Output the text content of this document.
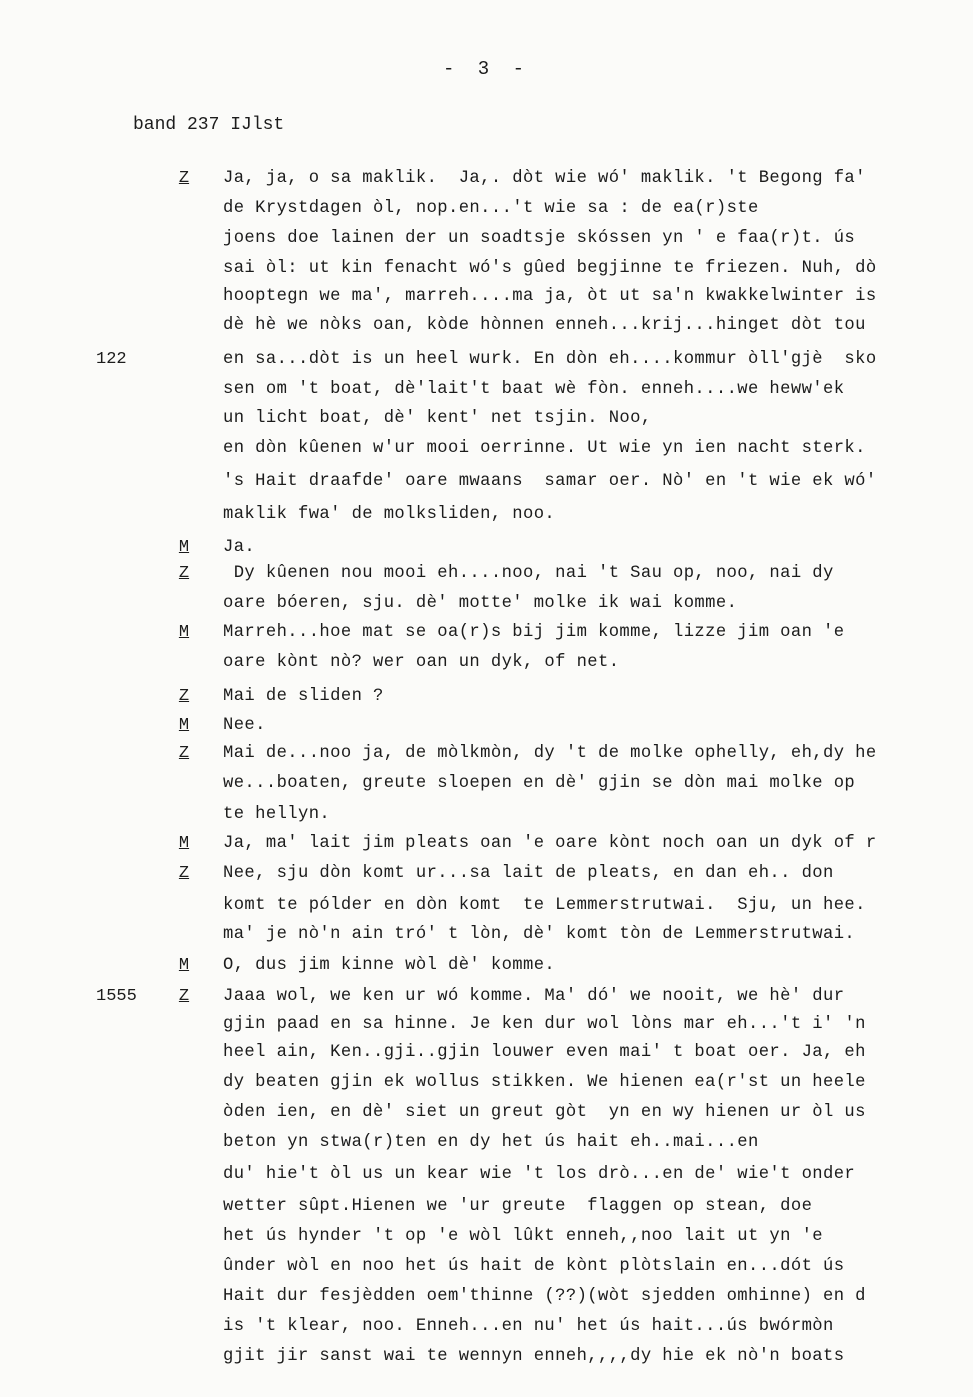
- 3 -
band 237 IJlst
Z	Ja, ja, o sa maklik.  Ja,. dòt wie wó' maklik. 't Begong fa'
de Krystdagen òl, nop.en...'t wie sa : de ea(r)ste
joens doe lainen der un soadtsje skóssen yn ' e faa(r)t. ús
sai òl: ut kin fenacht wó's gûed begjinne te friezen. Nuh, dò
hooptegn we ma', marreh....ma ja, òt ut sa'n kwakkelwinter is
dè hè we nòks oan, kòde hònnen enneh...krij...hinget dòt tou
122	en sa...dòt is un heel wurk. En dòn eh....kommur òll'gjè  sko
sen om 't boat, dè'lait't baat wè fòn. enneh....we heww'ek
un licht boat, dè' kent' net tsjin. Noo,
en dòn kûenen w'ur mooi oerrinne. Ut wie yn ien nacht sterk.
's Hait draafde' oare mwaans  samar oer. Nò' en 't wie ek wó'
maklik fwa' de molksliden, noo.
M	Ja.
Z	Dy kûenen nou mooi eh....noo, nai 't Sau op, noo, nai dy
oare bóeren, sju. dè' motte' molke ik wai komme.
M	Marreh...hoe mat se oa(r)s bij jim komme, lizze jim oan 'e
oare kònt nò? wer oan un dyk, of net.
Z	Mai de sliden ?
M	Nee.
Z	Mai de...noo ja, de mòlkmòn, dy 't de molke ophelly, eh,dy he
we...boaten, greute sloepen en dè' gjin se dòn mai molke op
te hellyn.
M	Ja, ma' lait jim pleats oan 'e oare kònt noch oan un dyk of r
Z	Nee, sju dòn komt ur...sa lait de pleats, en dan eh.. don
komt te pólder en dòn komt  te Lemmerstrutwai.  Sju, un hee.
ma' je nò'n ain tró' t lòn, dè' komt tòn de Lemmerstrutwai.
M	O, dus jim kinne wòl dè' komme.
1555	Z	Jaaa wol, we ken ur wó komme. Ma' dó' we nooit, we hè' dur
gjin paad en sa hinne. Je ken dur wol lòns mar eh...'t i' 'n
heel ain, Ken..gji..gjin louwer even mai' t boat oer. Ja, eh
dy beaten gjin ek wollus stikken. We hienen ea(r'st un heele
òden ien, en dè' siet un greut gòt  yn en wy hienen ur òl us
beton yn stwa(r)ten en dy het ús hait eh..mai...en
du' hie't òl us un kear wie 't los drò...en de' wie't onder
wetter sûpt.Hienen we 'ur greute  flaggen op stean, doe
het ús hynder 't op 'e wòl lûkt enneh,,noo lait ut yn 'e
ûnder wòl en noo het ús hait de kònt plòtslain en...dót ús
Hait dur fesjèdden oem'thinne (??)(wòt sjedden omhinne) en d
is 't klear, noo. Enneh...en nu' het ús hait...ús bwórmòn
gjit jir sanst wai te wennyn enneh,,,,dy hie ek nò'n boats
